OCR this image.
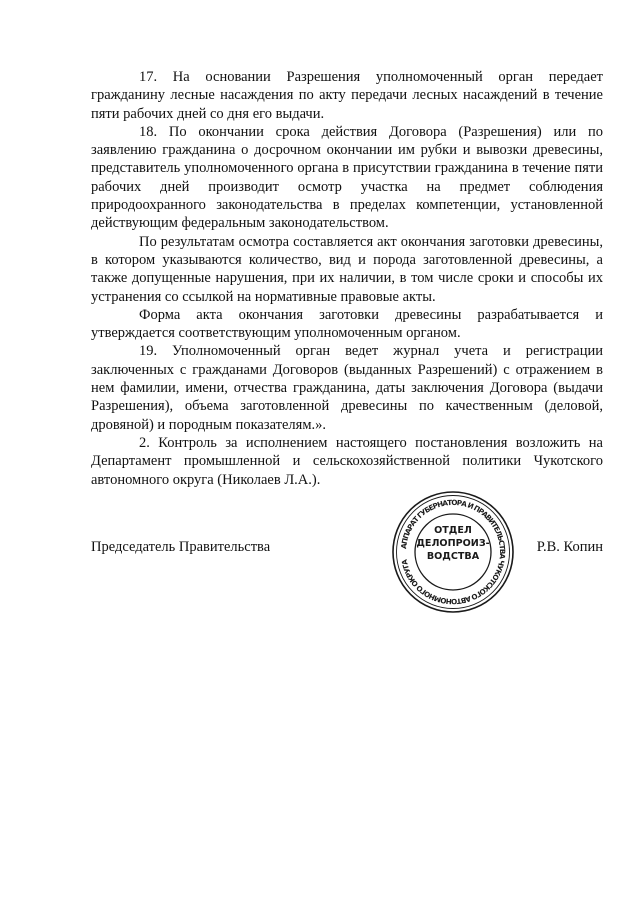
17. На основании Разрешения уполномоченный орган передает гражданину лесные насаждения по акту передачи лесных насаждений в течение пяти рабочих дней со дня его выдачи.

18. По окончании срока действия Договора (Разрешения) или по заявлению гражданина о досрочном окончании им рубки и вывозки древесины, представитель уполномоченного органа в присутствии гражданина в течение пяти рабочих дней производит осмотр участка на предмет соблюдения природоохранного законодательства в пределах компетенции, установленной действующим федеральным законодательством.

По результатам осмотра составляется акт окончания заготовки древесины, в котором указываются количество, вид и порода заготовленной древесины, а также допущенные нарушения, при их наличии, в том числе сроки и способы их устранения со ссылкой на нормативные правовые акты.

Форма акта окончания заготовки древесины разрабатывается и утверждается соответствующим уполномоченным органом.

19. Уполномоченный орган ведет журнал учета и регистрации заключенных с гражданами Договоров (выданных Разрешений) с отражением в нем фамилии, имени, отчества гражданина, даты заключения Договора (выдачи Разрешения), объема заготовленной древесины по качественным (деловой, дровяной) и породным показателям.».

2. Контроль за исполнением настоящего постановления возложить на Департамент промышленной и сельскохозяйственной политики Чукотского автономного округа (Николаев Л.А.).

Председатель Правительства	Р.В. Копин
АППАРАТ ГУБЕРНАТОРА И ПРАВИТЕЛЬСТВА ЧУКОТСКОГО АВТОНОМНОГО ОКРУГА
ОТДЕЛ
ДЕЛОПРОИЗ-
ВОДСТВА
